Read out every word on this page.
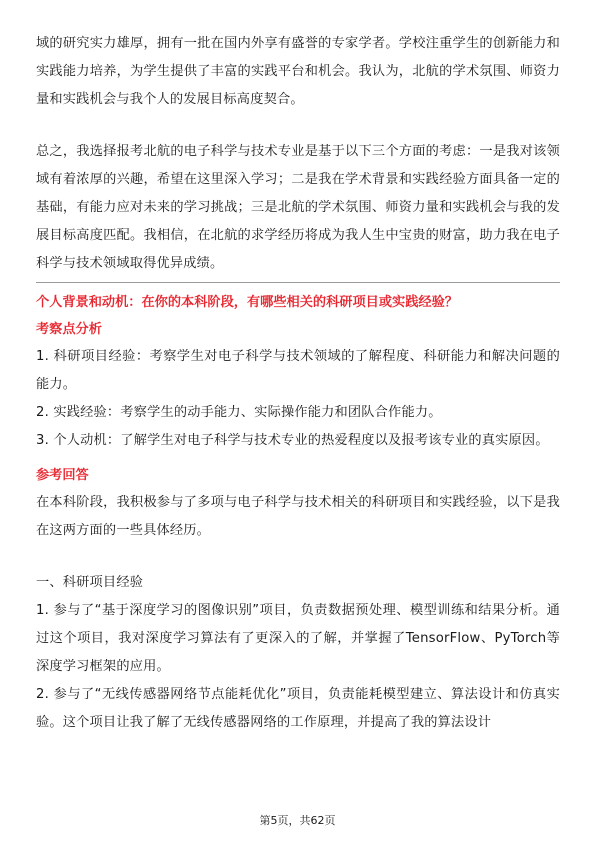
域的研究实力雄厚，拥有一批在国内外享有盛誉的专家学者。学校注重学生的创新能力和实践能力培养，为学生提供了丰富的实践平台和机会。我认为，北航的学术氛围、师资力量和实践机会与我个人的发展目标高度契合。

总之，我选择报考北航的电子科学与技术专业是基于以下三个方面的考虑：一是我对该领域有着浓厚的兴趣，希望在这里深入学习；二是我在学术背景和实践经验方面具备一定的基础，有能力应对未来的学习挑战；三是北航的学术氛围、师资力量和实践机会与我的发展目标高度匹配。我相信，在北航的求学经历将成为我人生中宝贵的财富，助力我在电子科学与技术领域取得优异成绩。

个人背景和动机：在你的本科阶段，有哪些相关的科研项目或实践经验？

考察点分析

1. 科研项目经验：考察学生对电子科学与技术领域的了解程度、科研能力和解决问题的能力。

2. 实践经验：考察学生的动手能力、实际操作能力和团队合作能力。

3. 个人动机：了解学生对电子科学与技术专业的热爱程度以及报考该专业的真实原因。

参考回答

在本科阶段，我积极参与了多项与电子科学与技术相关的科研项目和实践经验，以下是我在这两方面的一些具体经历。

一、科研项目经验

1. 参与了“基于深度学习的图像识别”项目，负责数据预处理、模型训练和结果分析。通过这个项目，我对深度学习算法有了更深入的了解，并掌握了TensorFlow、PyTorch等深度学习框架的应用。

2. 参与了“无线传感器网络节点能耗优化”项目，负责能耗模型建立、算法设计和仿真实验。这个项目让我了解了无线传感器网络的工作原理，并提高了我的算法设计

第5页，共62页
